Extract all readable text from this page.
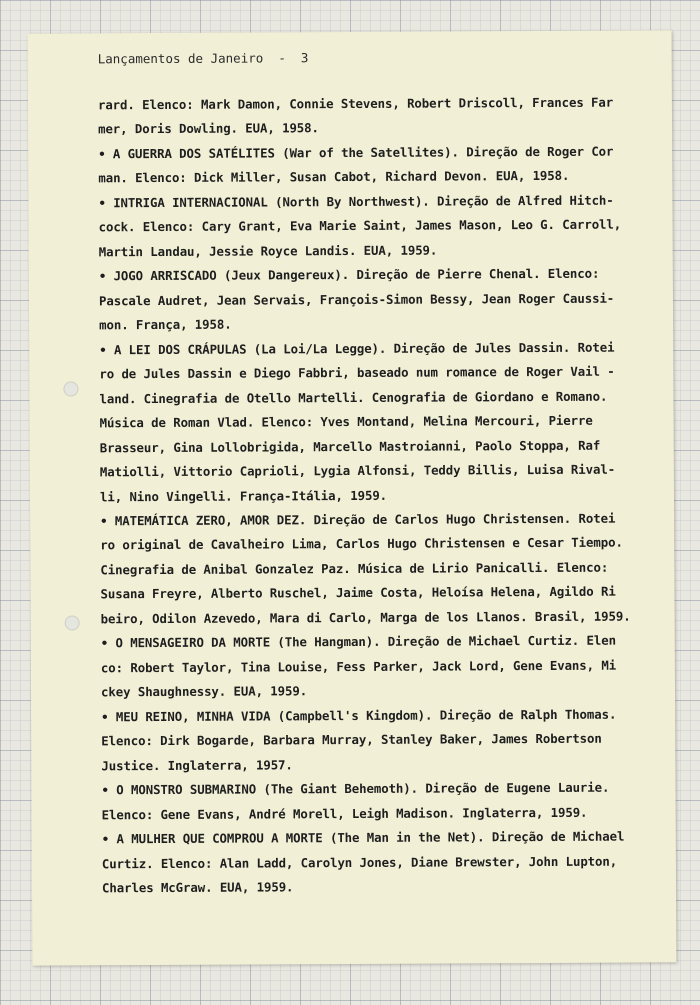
Lançamentos de Janeiro  -  3
rard. Elenco: Mark Damon, Connie Stevens, Robert Driscoll, Frances Far
mer, Doris Dowling. EUA, 1958.
• A GUERRA DOS SATÉLITES (War of the Satellites). Direção de Roger Cor
man. Elenco: Dick Miller, Susan Cabot, Richard Devon. EUA, 1958.
• INTRIGA INTERNACIONAL (North By Northwest). Direção de Alfred Hitch-
cock. Elenco: Cary Grant, Eva Marie Saint, James Mason, Leo G. Carroll,
Martin Landau, Jessie Royce Landis. EUA, 1959.
• JOGO ARRISCADO (Jeux Dangereux). Direção de Pierre Chenal. Elenco:
Pascale Audret, Jean Servais, François-Simon Bessy, Jean Roger Caussi-
mon. França, 1958.
• A LEI DOS CRÁPULAS (La Loi/La Legge). Direção de Jules Dassin. Rotei
ro de Jules Dassin e Diego Fabbri, baseado num romance de Roger Vail -
land. Cinegrafia de Otello Martelli. Cenografia de Giordano e Romano.
Música de Roman Vlad. Elenco: Yves Montand, Melina Mercouri, Pierre
Brasseur, Gina Lollobrigida, Marcello Mastroianni, Paolo Stoppa, Raf
Matiolli, Vittorio Caprioli, Lygia Alfonsi, Teddy Billis, Luisa Rival-
li, Nino Vingelli. França-Itália, 1959.
• MATEMÁTICA ZERO, AMOR DEZ. Direção de Carlos Hugo Christensen. Rotei
ro original de Cavalheiro Lima, Carlos Hugo Christensen e Cesar Tiempo.
Cinegrafia de Anibal Gonzalez Paz. Música de Lirio Panicalli. Elenco:
Susana Freyre, Alberto Ruschel, Jaime Costa, Heloísa Helena, Agildo Ri
beiro, Odilon Azevedo, Mara di Carlo, Marga de los Llanos. Brasil, 1959.
• O MENSAGEIRO DA MORTE (The Hangman). Direção de Michael Curtiz. Elen
co: Robert Taylor, Tina Louise, Fess Parker, Jack Lord, Gene Evans, Mi
ckey Shaughnessy. EUA, 1959.
• MEU REINO, MINHA VIDA (Campbell's Kingdom). Direção de Ralph Thomas.
Elenco: Dirk Bogarde, Barbara Murray, Stanley Baker, James Robertson
Justice. Inglaterra, 1957.
• O MONSTRO SUBMARINO (The Giant Behemoth). Direção de Eugene Laurie.
Elenco: Gene Evans, André Morell, Leigh Madison. Inglaterra, 1959.
• A MULHER QUE COMPROU A MORTE (The Man in the Net). Direção de Michael
Curtiz. Elenco: Alan Ladd, Carolyn Jones, Diane Brewster, John Lupton,
Charles McGraw. EUA, 1959.
